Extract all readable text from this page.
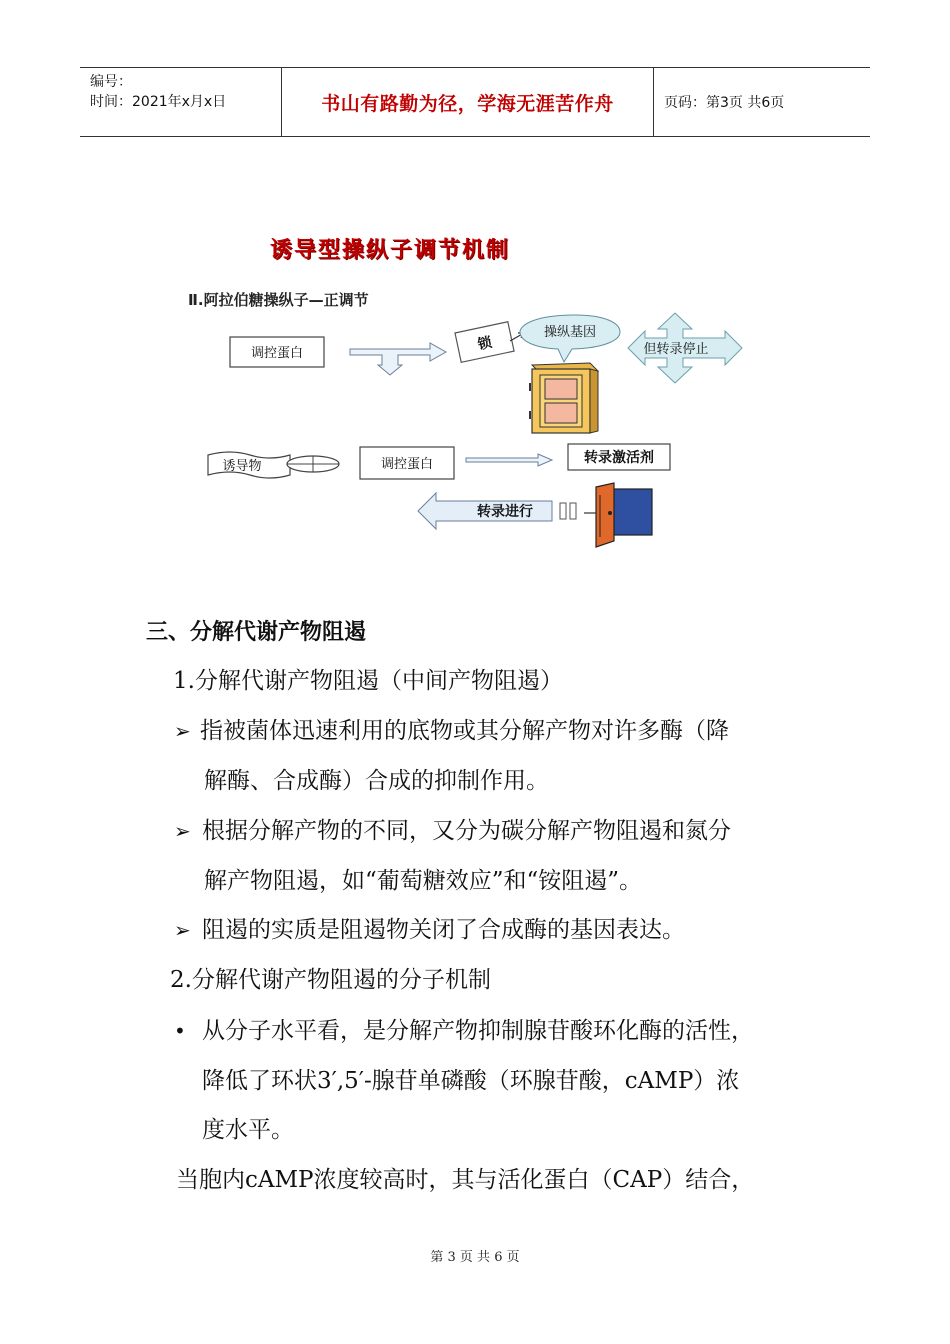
编号：
时间：2021年x月x日	书山有路勤为径，学海无涯苦作舟	页码：第3页 共6页
诱导型操纵子调节机制
Ⅱ.阿拉伯糖操纵子—正调节
调控蛋白
锁
操纵基因
但转录停止
诱导物	调控蛋白	转录激活剂
转录进行
三、分解代谢产物阻遏
1.分解代谢产物阻遏（中间产物阻遏）
➢ 指被菌体迅速利用的底物或其分解产物对许多酶（降
解酶、合成酶）合成的抑制作用。
➢ 根据分解产物的不同，又分为碳分解产物阻遏和氮分
解产物阻遏，如“葡萄糖效应”和“铵阻遏”。
➢ 阻遏的实质是阻遏物关闭了合成酶的基因表达。
2.分解代谢产物阻遏的分子机制
• 从分子水平看，是分解产物抑制腺苷酸环化酶的活性，
降低了环状3′,5′-腺苷单磷酸（环腺苷酸，cAMP）浓
度水平。
当胞内cAMP浓度较高时，其与活化蛋白（CAP）结合，
第 3 页 共 6 页
